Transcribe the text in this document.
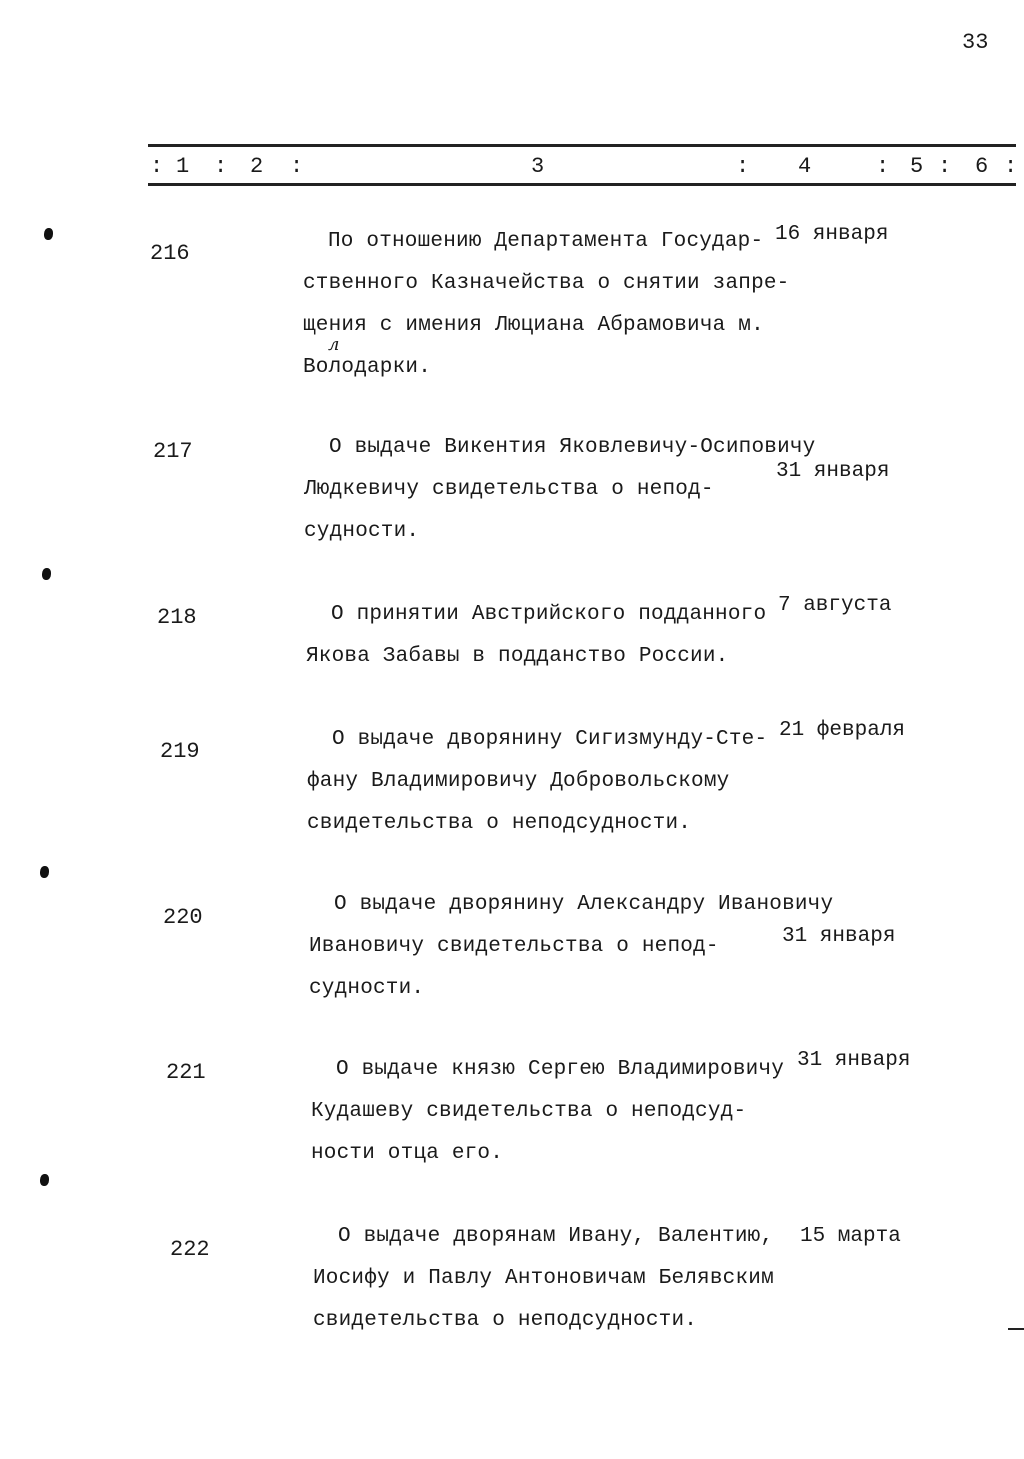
33
: 1 : 2 :	3	: 4	: 5 : 6 :
216	По отношению Департамента Государ-
ственного Казначейства о снятии запре-
щения с имения Люциана Абрамовича м.
Володарки.
16 января
л
217	О выдаче Викентия Яковлевичу-Осиповичу
Людкевичу свидетельства о непод-
судности.
31 января
218	О принятии Австрийского подданного
Якова Забавы в подданство России.
7 августа
219	О выдаче дворянину Сигизмунду-Сте-
фану Владимировичу Добровольскому
свидетельства о неподсудности.
21 февраля
220
О выдаче дворянину Александру Ивановичу
Ивановичу свидетельства о непод-
судности.
31 января
221	О выдаче князю Сергею Владимировичу
Кудашеву свидетельства о неподсуд-
ности отца его.
31 января
222
О выдаче дворянам Ивану, Валентию,
Иосифу и Павлу Антоновичам Белявским
свидетельства о неподсудности.
15 марта
